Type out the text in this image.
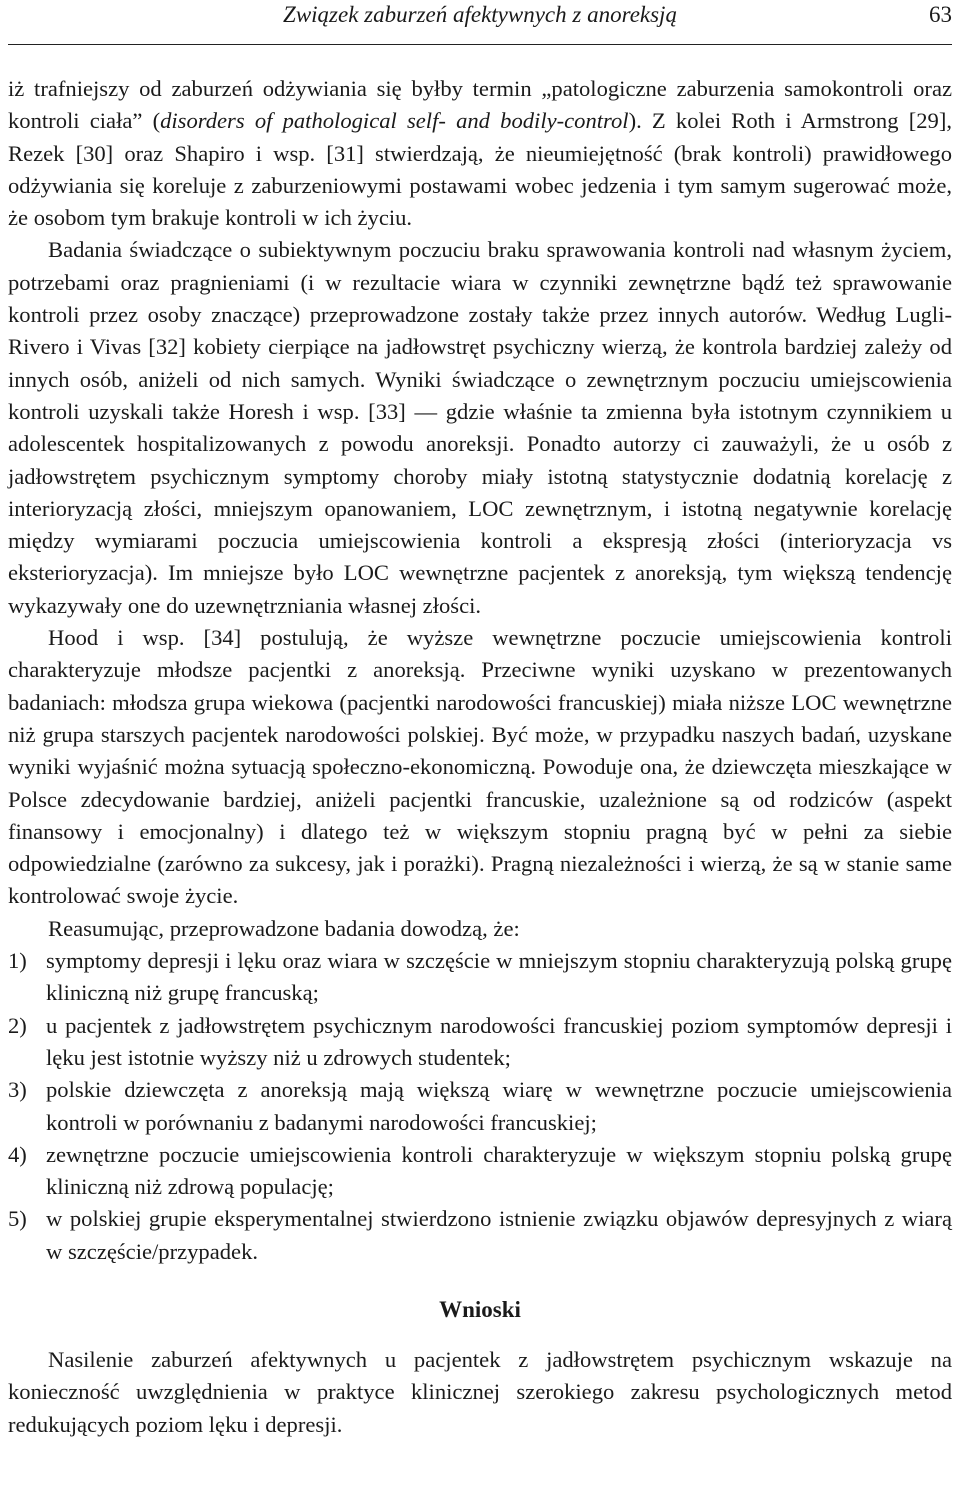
Związek zaburzeń afektywnych z anoreksją	63

iż trafniejszy od zaburzeń odżywiania się byłby termin „patologiczne zaburzenia samokontroli oraz kontroli ciała” (disorders of pathological self- and bodily-control). Z kolei Roth i Armstrong [29], Rezek [30] oraz Shapiro i wsp. [31] stwierdzają, że nieumiejętność (brak kontroli) prawidłowego odżywiania się koreluje z zaburzeniowymi postawami wobec jedzenia i tym samym sugerować może, że osobom tym brakuje kontroli w ich życiu.

Badania świadczące o subiektywnym poczuciu braku sprawowania kontroli nad własnym życiem, potrzebami oraz pragnieniami (i w rezultacie wiara w czynniki zewnętrzne bądź też sprawowanie kontroli przez osoby znaczące) przeprowadzone zostały także przez innych autorów. Według Lugli-Rivero i Vivas [32] kobiety cierpiące na jadłowstręt psychiczny wierzą, że kontrola bardziej zależy od innych osób, aniżeli od nich samych. Wyniki świadczące o zewnętrznym poczuciu umiejscowienia kontroli uzyskali także Horesh i wsp. [33] — gdzie właśnie ta zmienna była istotnym czynnikiem u adolescentek hospitalizowanych z powodu anoreksji. Ponadto autorzy ci zauważyli, że u osób z jadłowstrętem psychicznym symptomy choroby miały istotną statystycznie dodatnią korelację z interioryzacją złości, mniejszym opanowaniem, LOC zewnętrznym, i istotną negatywnie korelację między wymiarami poczucia umiejscowienia kontroli a ekspresją złości (interioryzacja vs eksterioryzacja). Im mniejsze było LOC wewnętrzne pacjentek z anoreksją, tym większą tendencję wykazywały one do uzewnętrzniania własnej złości.

Hood i wsp. [34] postulują, że wyższe wewnętrzne poczucie umiejscowienia kontroli charakteryzuje młodsze pacjentki z anoreksją. Przeciwne wyniki uzyskano w prezentowanych badaniach: młodsza grupa wiekowa (pacjentki narodowości francuskiej) miała niższe LOC wewnętrzne niż grupa starszych pacjentek narodowości polskiej. Być może, w przypadku naszych badań, uzyskane wyniki wyjaśnić można sytuacją społeczno-ekonomiczną. Powoduje ona, że dziewczęta mieszkające w Polsce zdecydowanie bardziej, aniżeli pacjentki francuskie, uzależnione są od rodziców (aspekt finansowy i emocjonalny) i dlatego też w większym stopniu pragną być w pełni za siebie odpowiedzialne (zarówno za sukcesy, jak i porażki). Pragną niezależności i wierzą, że są w stanie same kontrolować swoje życie.

Reasumując, przeprowadzone badania dowodzą, że:

1) symptomy depresji i lęku oraz wiara w szczęście w mniejszym stopniu charakteryzują polską grupę kliniczną niż grupę francuską;
2) u pacjentek z jadłowstrętem psychicznym narodowości francuskiej poziom symptomów depresji i lęku jest istotnie wyższy niż u zdrowych studentek;
3) polskie dziewczęta z anoreksją mają większą wiarę w wewnętrzne poczucie umiejscowienia kontroli w porównaniu z badanymi narodowości francuskiej;
4) zewnętrzne poczucie umiejscowienia kontroli charakteryzuje w większym stopniu polską grupę kliniczną niż zdrową populację;
5) w polskiej grupie eksperymentalnej stwierdzono istnienie związku objawów depresyjnych z wiarą w szczęście/przypadek.
Wnioski

Nasilenie zaburzeń afektywnych u pacjentek z jadłowstrętem psychicznym wskazuje na konieczność uwzględnienia w praktyce klinicznej szerokiego zakresu psychologicznych metod redukujących poziom lęku i depresji.
